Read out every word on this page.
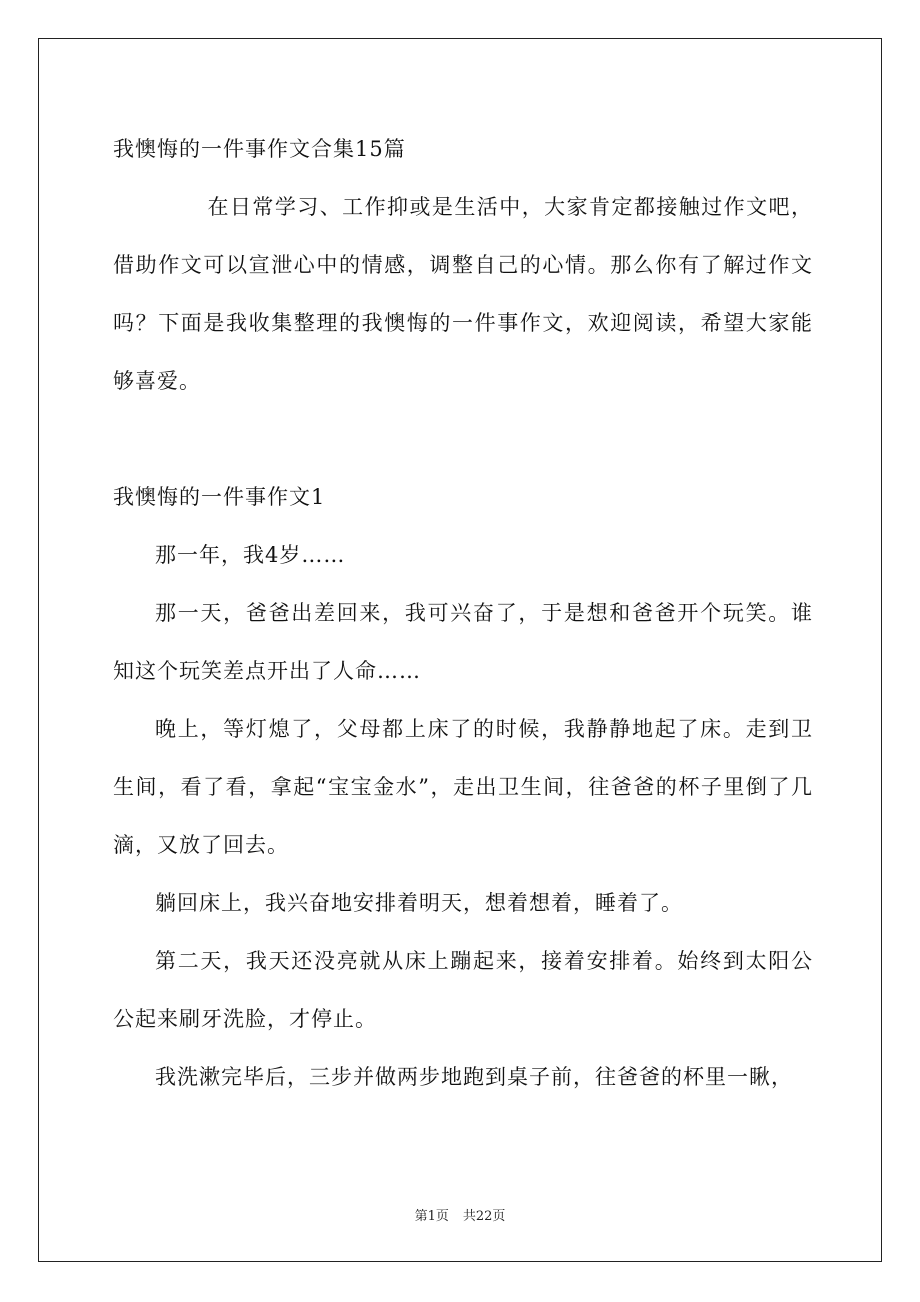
我懊悔的一件事作文合集15篇

在日常学习、工作抑或是生活中，大家肯定都接触过作文吧，借助作文可以宣泄心中的情感，调整自己的心情。那么你有了解过作文吗？下面是我收集整理的我懊悔的一件事作文，欢迎阅读，希望大家能够喜爱。

我懊悔的一件事作文1

那一年，我4岁……

那一天，爸爸出差回来，我可兴奋了，于是想和爸爸开个玩笑。谁知这个玩笑差点开出了人命……

晚上，等灯熄了，父母都上床了的时候，我静静地起了床。走到卫生间，看了看，拿起“宝宝金水”，走出卫生间，往爸爸的杯子里倒了几滴，又放了回去。

躺回床上，我兴奋地安排着明天，想着想着，睡着了。

第二天，我天还没亮就从床上蹦起来，接着安排着。始终到太阳公公起来刷牙洗脸，才停止。

我洗漱完毕后，三步并做两步地跑到桌子前，往爸爸的杯里一瞅，

第1页 共22页
